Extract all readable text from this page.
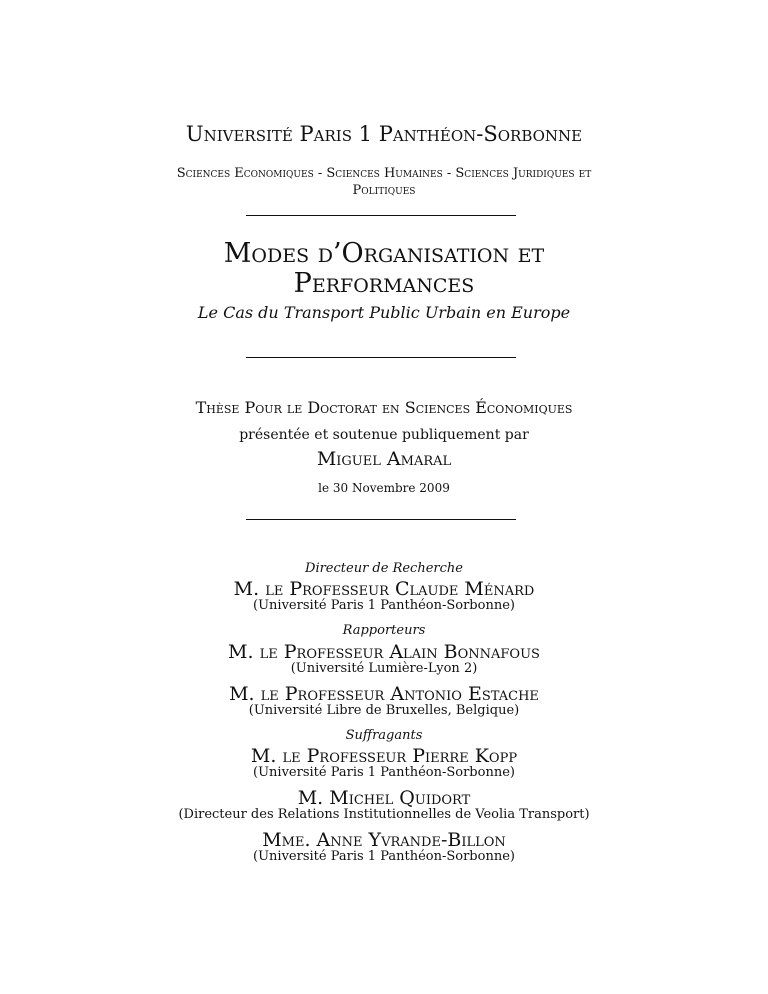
Université Paris 1 Panthéon-Sorbonne
Sciences Economiques - Sciences Humaines - Sciences Juridiques et
Politiques
Modes d’Organisation et
Performances
Le Cas du Transport Public Urbain en Europe
Thèse Pour le Doctorat en Sciences Économiques
présentée et soutenue publiquement par
Miguel Amaral
le 30 Novembre 2009
Directeur de Recherche
M. le Professeur Claude Ménard
(Université Paris 1 Panthéon-Sorbonne)
Rapporteurs
M. le Professeur Alain Bonnafous
(Université Lumière-Lyon 2)
M. le Professeur Antonio Estache
(Université Libre de Bruxelles, Belgique)
Suffragants
M. le Professeur Pierre Kopp
(Université Paris 1 Panthéon-Sorbonne)
M. Michel Quidort
(Directeur des Relations Institutionnelles de Veolia Transport)
Mme. Anne Yvrande-Billon
(Université Paris 1 Panthéon-Sorbonne)
